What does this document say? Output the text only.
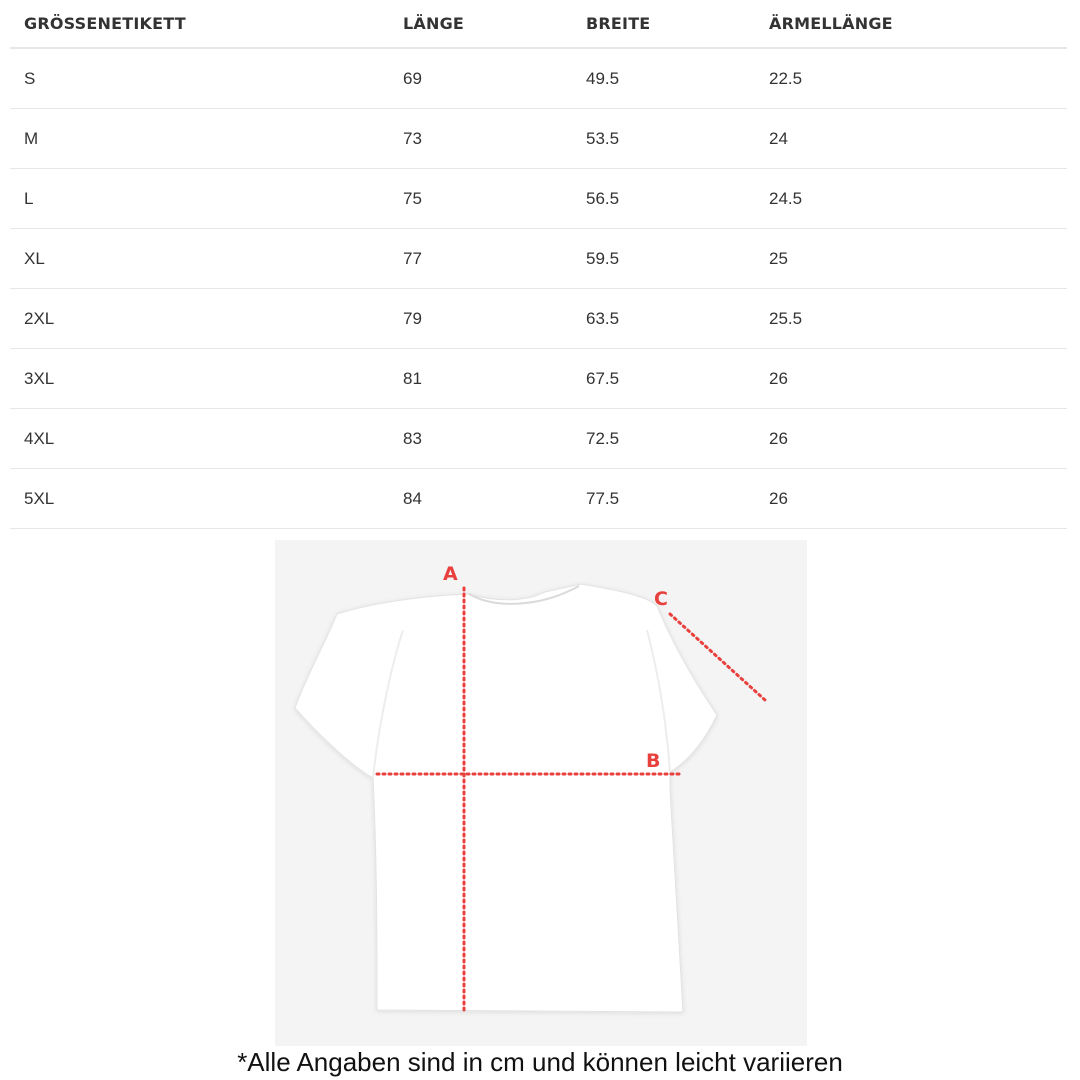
GRÖSSENETIKETT	LÄNGE	BREITE	ÄRMELLÄNGE
S	69	49.5	22.5
M	73	53.5	24
L	75	56.5	24.5
XL	77	59.5	25
2XL	79	63.5	25.5
3XL	81	67.5	26
4XL	83	72.5	26
5XL	84	77.5	26
A
B
C
*Alle Angaben sind in cm und können leicht variieren
